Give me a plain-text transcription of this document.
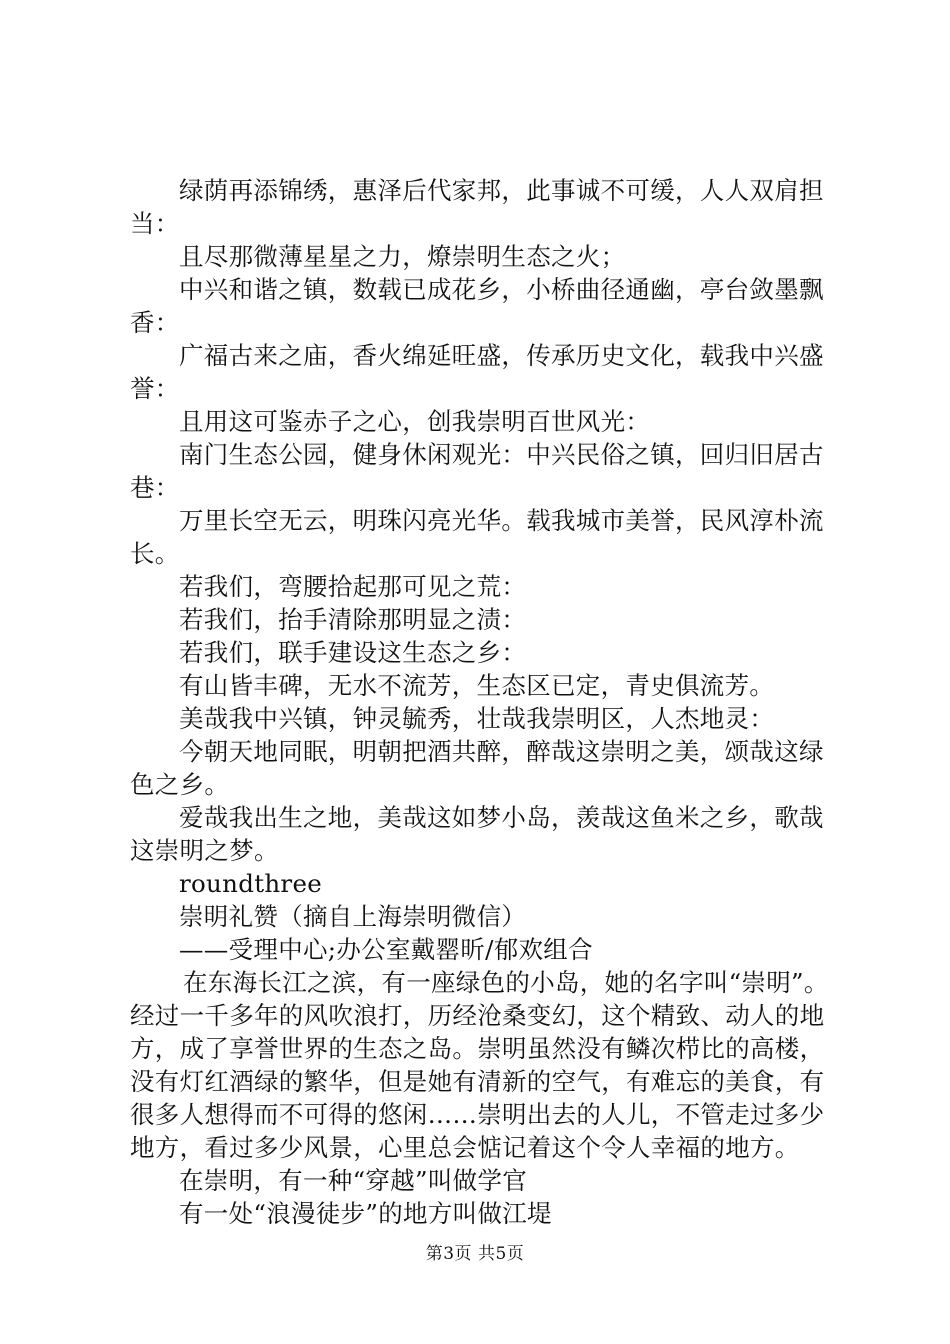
绿荫再添锦绣，惠泽后代家邦，此事诚不可缓，人人双肩担当：

且尽那微薄星星之力，燎崇明生态之火；

中兴和谐之镇，数载已成花乡，小桥曲径通幽，亭台敛墨飘香：

广福古来之庙，香火绵延旺盛，传承历史文化，载我中兴盛誉：

且用这可鉴赤子之心，创我崇明百世风光：

南门生态公园，健身休闲观光：中兴民俗之镇，回归旧居古巷：

万里长空无云，明珠闪亮光华。载我城市美誉，民风淳朴流长。

若我们，弯腰拾起那可见之荒：

若我们，抬手清除那明显之渍：

若我们，联手建设这生态之乡：

有山皆丰碑，无水不流芳，生态区已定，青史俱流芳。

美哉我中兴镇，钟灵毓秀，壮哉我崇明区，人杰地灵：

今朝天地同眠，明朝把酒共醉，醉哉这崇明之美，颂哉这绿色之乡。

爱哉我出生之地，美哉这如梦小岛，羡哉这鱼米之乡，歌哉这崇明之梦。

roundthree

崇明礼赞（摘自上海崇明微信）

——受理中心;办公室戴罂昕/郁欢组合

在东海长江之滨，有一座绿色的小岛，她的名字叫“崇明”。经过一千多年的风吹浪打，历经沧桑变幻，这个精致、动人的地方，成了享誉世界的生态之岛。崇明虽然没有鳞次栉比的高楼，没有灯红酒绿的繁华，但是她有清新的空气，有难忘的美食，有很多人想得而不可得的悠闲……崇明出去的人儿，不管走过多少地方，看过多少风景，心里总会惦记着这个令人幸福的地方。

在崇明，有一种“穿越”叫做学官

有一处“浪漫徒步”的地方叫做江堤

第3页 共5页
